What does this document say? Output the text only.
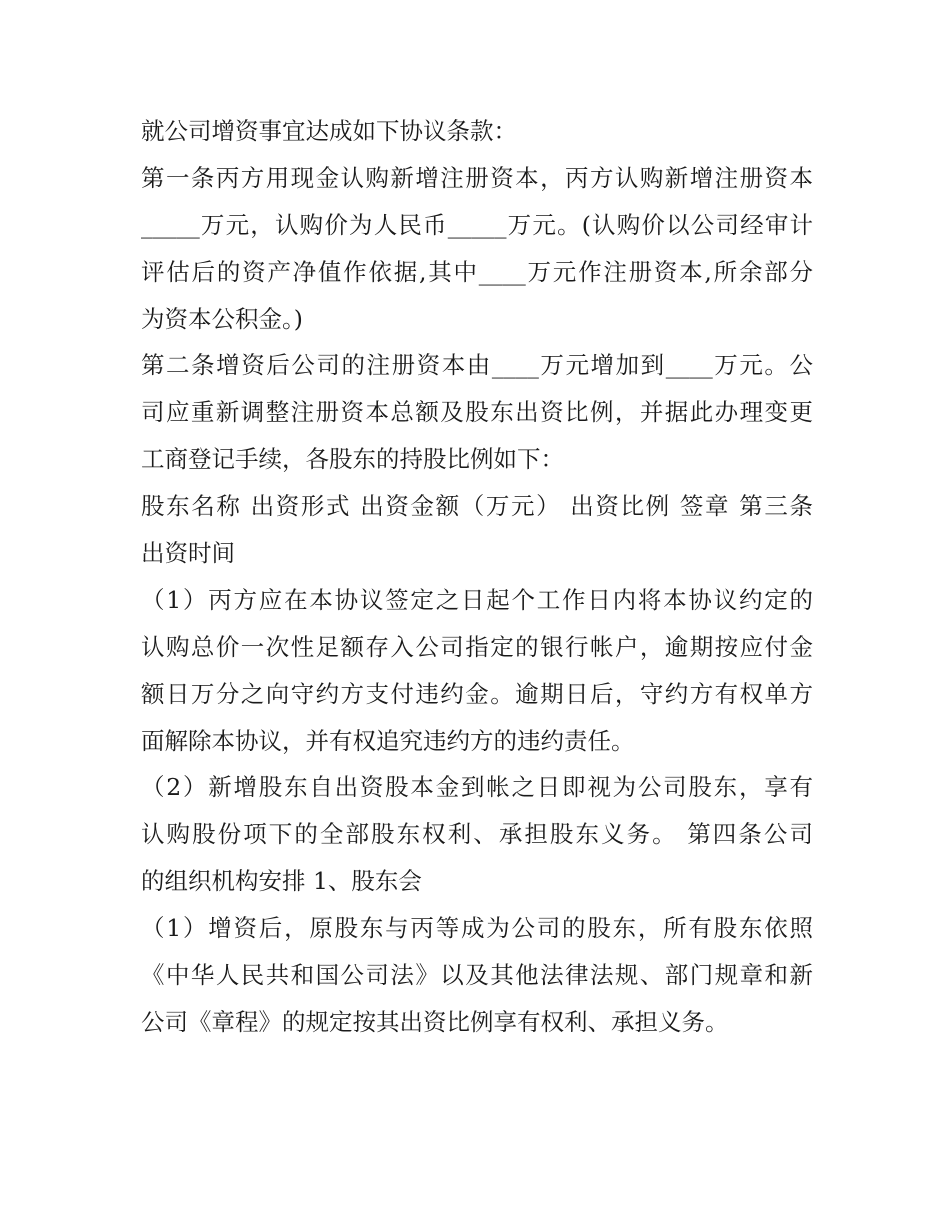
就公司增资事宜达成如下协议条款：
第一条丙方用现金认购新增注册资本，丙方认购新增注册资本
_____万元，认购价为人民币_____万元。(认购价以公司经审计
评估后的资产净值作依据,其中____万元作注册资本,所余部分
为资本公积金。)
第二条增资后公司的注册资本由____万元增加到____万元。公
司应重新调整注册资本总额及股东出资比例，并据此办理变更
工商登记手续，各股东的持股比例如下：
股东名称 出资形式 出资金额（万元） 出资比例 签章 第三条
出资时间
（1）丙方应在本协议签定之日起个工作日内将本协议约定的
认购总价一次性足额存入公司指定的银行帐户，逾期按应付金
额日万分之向守约方支付违约金。逾期日后，守约方有权单方
面解除本协议，并有权追究违约方的违约责任。
（2）新增股东自出资股本金到帐之日即视为公司股东，享有
认购股份项下的全部股东权利、承担股东义务。 第四条公司
的组织机构安排 1、股东会
（1）增资后，原股东与丙等成为公司的股东，所有股东依照
《中华人民共和国公司法》以及其他法律法规、部门规章和新
公司《章程》的规定按其出资比例享有权利、承担义务。
